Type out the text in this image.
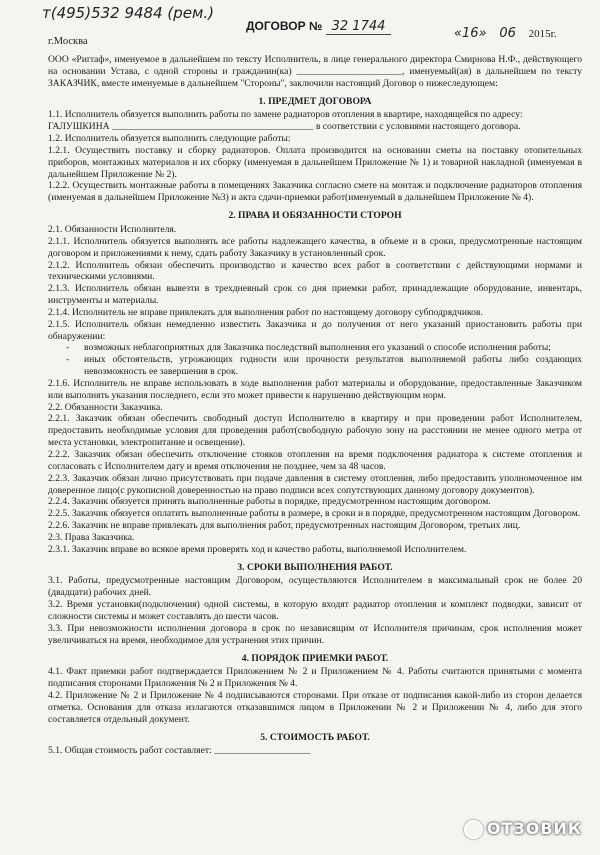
т(495)532 9484 (рем.)
ДОГОВОР № 32 1744
г.Москва
«16» 06 2015г.

ООО «Ригraф», именуемое в дальнейшем по тексту Исполнитель, в лице генерального директора Смирнова Н.Ф., действующего на основании Устава, с одной стороны и гражданин(ка) ______________________, именуемый(ая) в дальнейшем по тексту ЗАКАЗЧИК, вместе именуемые в дальнейшем "Стороны", заключили настоящий Договор о нижеследующем:

1. ПРЕДМЕТ ДОГОВОРА

1.1. Исполнитель обязуется выполнить работы по замене радиаторов отопления в квартире, находящейся по адресу:

ГАЛУШКИНА __________________________________________ в соответствии с условиями настоящего договора.

1.2. Исполнитель обязуется выполнить следующие работы:

1.2.1. Осуществить поставку и сборку радиаторов. Оплата производится на основании сметы на поставку отопительных приборов, монтажных материалов и их сборку (именуемая в дальнейшем Приложение № 1) и товарной накладной (именуемая в дальнейшем Приложение № 2).

1.2.2. Осуществить монтажные работы в помещениях Заказчика согласно смете на монтаж и подключение радиаторов отопления (именуемая в дальнейшем Приложение №3) и акта сдачи-приемки работ(именуемый в дальнейшем Приложение № 4).

2. ПРАВА И ОБЯЗАННОСТИ СТОРОН

2.1. Обязанности Исполнителя.

2.1.1. Исполнитель обязуется выполнять все работы надлежащего качества, в объеме и в сроки, предусмотренные настоящим договором и приложениями к нему, сдать работу Заказчику в установленный срок.

2.1.2. Исполнитель обязан обеспечить производство и качество всех работ в соответствии с действующими нормами и техническими условиями.

2.1.3. Исполнитель обязан вывезти в трехдневный срок со дня приемки работ, принадлежащие оборудование, инвентарь, инструменты и материалы.

2.1.4. Исполнитель не вправе привлекать для выполнения работ по настоящему договору субподрядчиков.

2.1.5. Исполнитель обязан немедленно известить Заказчика и до получения от него указаний приостановить работы при обнаружении:

- возможных неблагоприятных для Заказчика последствий выполнения его указаний о способе исполнения работы;

- иных обстоятельств, угрожающих годности или прочности результатов выполняемой работы либо создающих невозможность ее завершения в срок.

2.1.6. Исполнитель не вправе использовать в ходе выполнения работ материалы и оборудование, предоставленные Заказчиком или выполнять указания последнего, если это может привести к нарушению действующим норм.

2.2. Обязанности Заказчика.

2.2.1. Заказчик обязан обеспечить свободный доступ Исполнителю в квартиру и при проведении работ Исполнителем, предоставить необходимые условия для проведения работ(свободную рабочую зону на расстоянии не менее одного метра от места установки, электропитание и освещение).

2.2.2. Заказчик обязан обеспечить отключение стояков отопления на время подключения радиатора к системе отопления и согласовать с Исполнителем дату и время отключения не позднее, чем за 48 часов.

2.2.3. Заказчик обязан лично присутствовать при подаче давления в систему отопления, либо предоставить уполномоченное им доверенное лицо(с рукописной доверенностью на право подписи всех сопутствующих данному договору документов).

2.2.4. Заказчик обязуется принять выполненные работы в порядке, предусмотренном настоящим договором.

2.2.5. Заказчик обязуется оплатить выполненные работы в размере, в сроки и в порядке, предусмотренном настоящим Договором.

2.2.6. Заказчик не вправе привлекать для выполнения работ, предусмотренных настоящим Договором, третьих лиц.

2.3. Права Заказчика.

2.3.1. Заказчик вправе во всякое время проверять ход и качество работы, выполняемой Исполнителем.

3. СРОКИ ВЫПОЛНЕНИЯ РАБОТ.

3.1. Работы, предусмотренные настоящим Договором, осуществляются Исполнителем в максимальный срок не более 20 (двадцати) рабочих дней.

3.2. Время установки(подключения) одной системы, в которую входят радиатор отопления и комплект подводки, зависит от сложности системы и может составлять до шести часов.

3.3. При невозможности исполнения договора в срок по независящим от Исполнителя причинам, срок исполнения может увеличиваться на время, необходимое для устранения этих причин.

4. ПОРЯДОК ПРИЕМКИ РАБОТ.

4.1. Факт приемки работ подтверждается Приложением № 2 и Приложением № 4. Работы считаются принятыми с момента подписания сторонами Приложения № 2 и Приложения № 4.

4.2. Приложение № 2 и Приложение № 4 подписываются сторонами. При отказе от подписания какой-либо из сторон делается отметка. Основания для отказа излагаются отказавшимся лицом в Приложении № 2 и Приложении № 4, либо для этого составляется отдельный документ.

5. СТОИМОСТЬ РАБОТ.

5.1. Общая стоимость работ составляет: ____________________

ОТЗОВИК
